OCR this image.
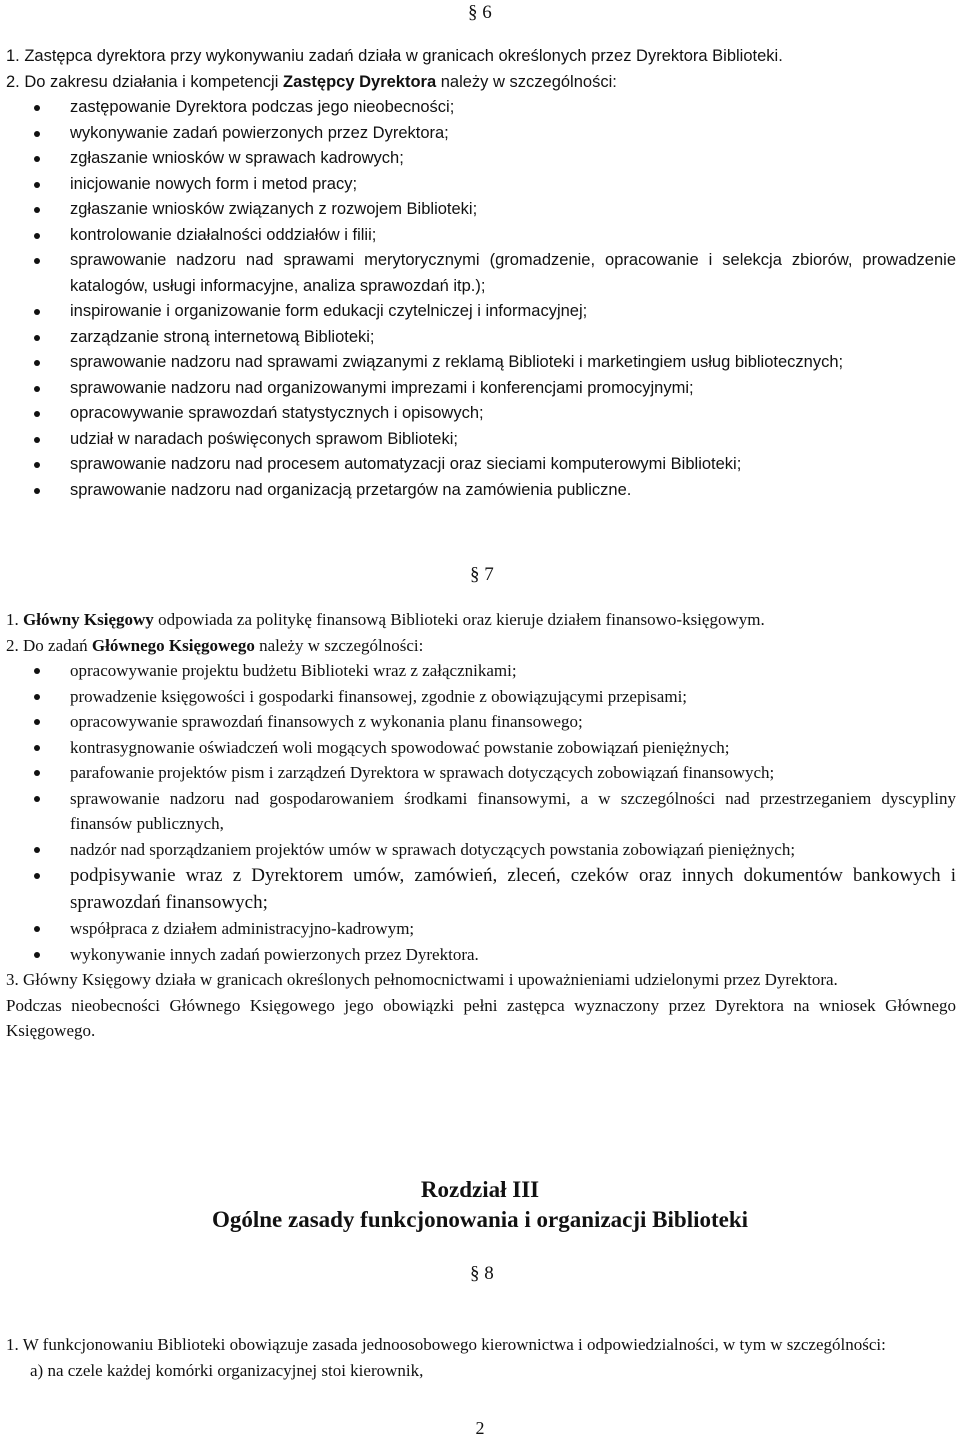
§ 6

1. Zastępca dyrektora przy wykonywaniu zadań działa w granicach określonych przez Dyrektora Biblioteki.

2. Do zakresu działania i kompetencji Zastępcy Dyrektora należy w szczególności:

zastępowanie Dyrektora podczas jego nieobecności;
wykonywanie zadań powierzonych przez Dyrektora;
zgłaszanie wniosków w sprawach kadrowych;
inicjowanie nowych form i metod pracy;
zgłaszanie wniosków związanych z rozwojem Biblioteki;
kontrolowanie działalności oddziałów i filii;
sprawowanie nadzoru nad sprawami merytorycznymi (gromadzenie, opracowanie i selekcja zbiorów, prowadzenie katalogów, usługi informacyjne, analiza sprawozdań itp.);
inspirowanie i organizowanie form edukacji czytelniczej i informacyjnej;
zarządzanie stroną internetową Biblioteki;
sprawowanie nadzoru nad sprawami związanymi z reklamą Biblioteki i marketingiem usług bibliotecznych;
sprawowanie nadzoru nad organizowanymi imprezami i konferencjami promocyjnymi;
opracowywanie sprawozdań statystycznych i opisowych;
udział w naradach poświęconych sprawom Biblioteki;
sprawowanie nadzoru nad procesem automatyzacji oraz sieciami komputerowymi Biblioteki;
sprawowanie nadzoru nad organizacją przetargów na zamówienia publiczne.
§ 7

1. Główny Księgowy odpowiada za politykę finansową Biblioteki oraz kieruje działem finansowo-księgowym.

2. Do zadań Głównego Księgowego należy w szczególności:

opracowywanie projektu budżetu Biblioteki wraz z załącznikami;
prowadzenie księgowości i gospodarki finansowej, zgodnie z obowiązującymi przepisami;
opracowywanie sprawozdań finansowych z wykonania planu finansowego;
kontrasygnowanie oświadczeń woli mogących spowodować powstanie zobowiązań pieniężnych;
parafowanie projektów pism i zarządzeń Dyrektora w sprawach dotyczących zobowiązań finansowych;
sprawowanie nadzoru nad gospodarowaniem środkami finansowymi, a w szczególności nad przestrzeganiem dyscypliny finansów publicznych,
nadzór nad sporządzaniem projektów umów w sprawach dotyczących powstania zobowiązań pieniężnych;
podpisywanie wraz z Dyrektorem umów, zamówień, zleceń, czeków oraz innych dokumentów bankowych i sprawozdań finansowych;
współpraca z działem administracyjno-kadrowym;
wykonywanie innych zadań powierzonych przez Dyrektora.

3. Główny Księgowy działa w granicach określonych pełnomocnictwami i upoważnieniami udzielonymi przez Dyrektora.

Podczas nieobecności Głównego Księgowego jego obowiązki pełni zastępca wyznaczony przez Dyrektora na wniosek Głównego Księgowego.

Rozdział III
Ogólne zasady funkcjonowania i organizacji Biblioteki
§ 8

1. W funkcjonowaniu Biblioteki obowiązuje zasada jednoosobowego kierownictwa i odpowiedzialności, w tym w szczególności:

a) na czele każdej komórki organizacyjnej stoi kierownik,

2
